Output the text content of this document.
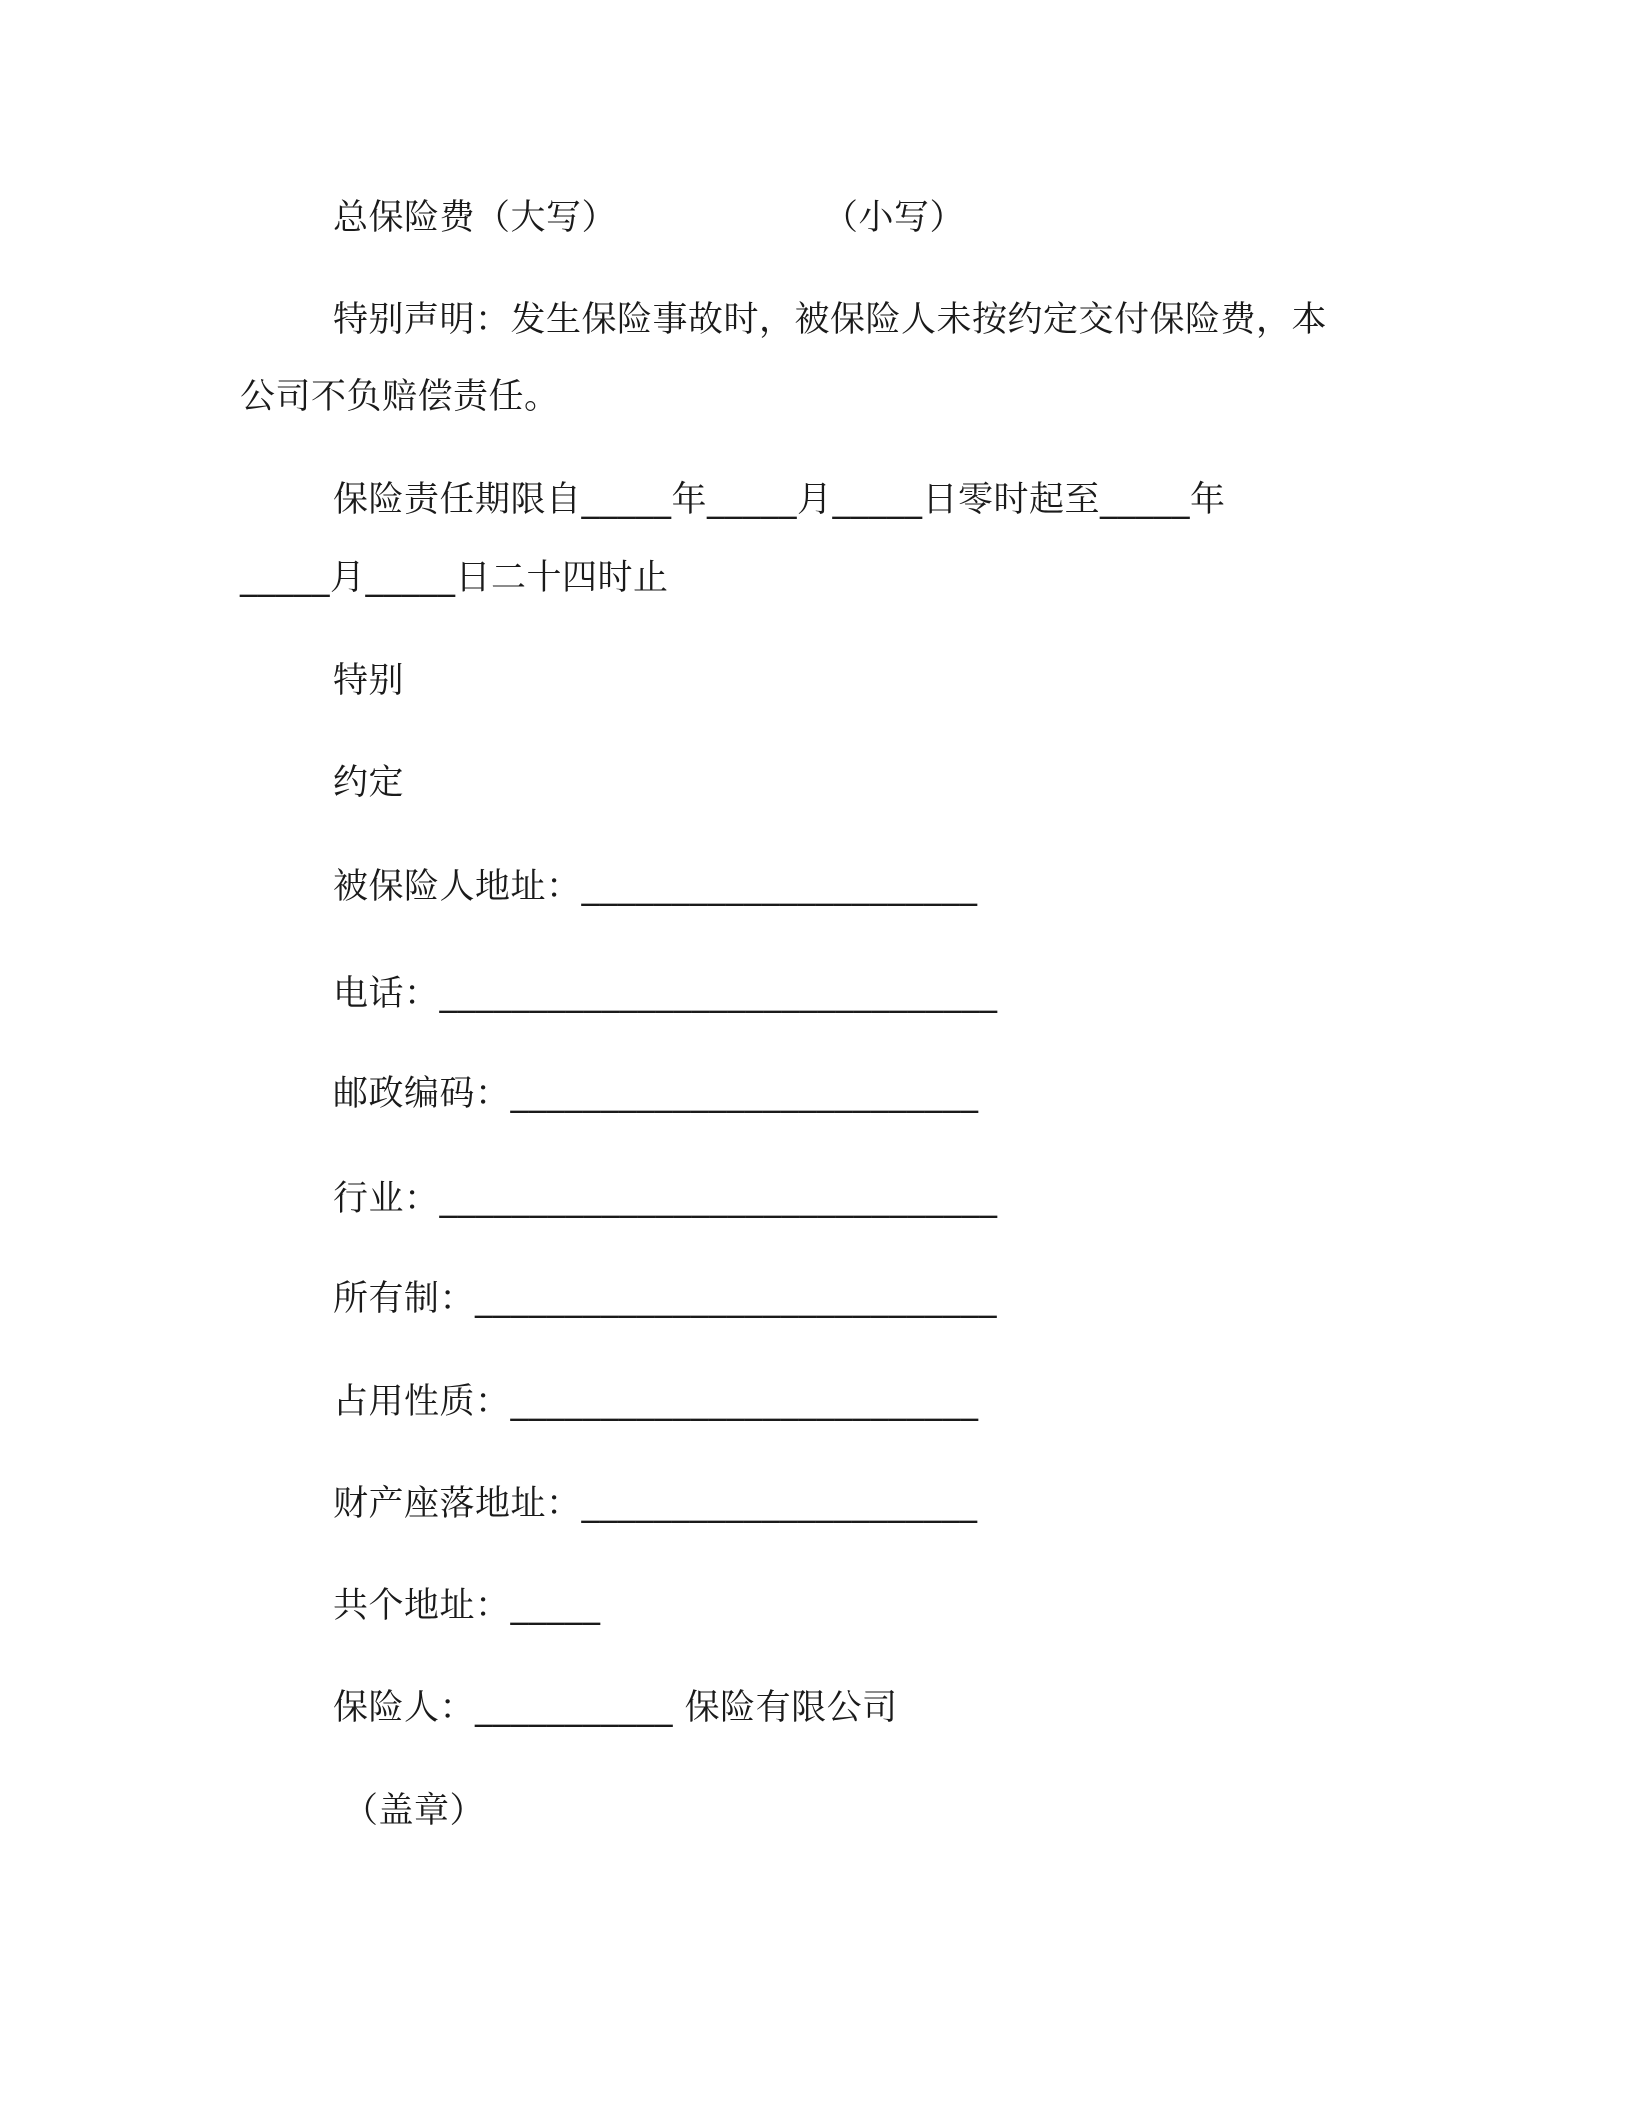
总保险费（大写）	（小写）
特别声明：发生保险事故时，被保险人未按约定交付保险费，本
公司不负赔偿责任。
保险责任期限自_____年_____月_____日零时起至_____年
_____月_____日二十四时止
特别
约定
被保险人地址：______________________
电话：_______________________________
邮政编码：__________________________
行业：_______________________________
所有制：_____________________________
占用性质：__________________________
财产座落地址：______________________
共个地址：_____
保险人：___________ 保险有限公司
（盖章）
